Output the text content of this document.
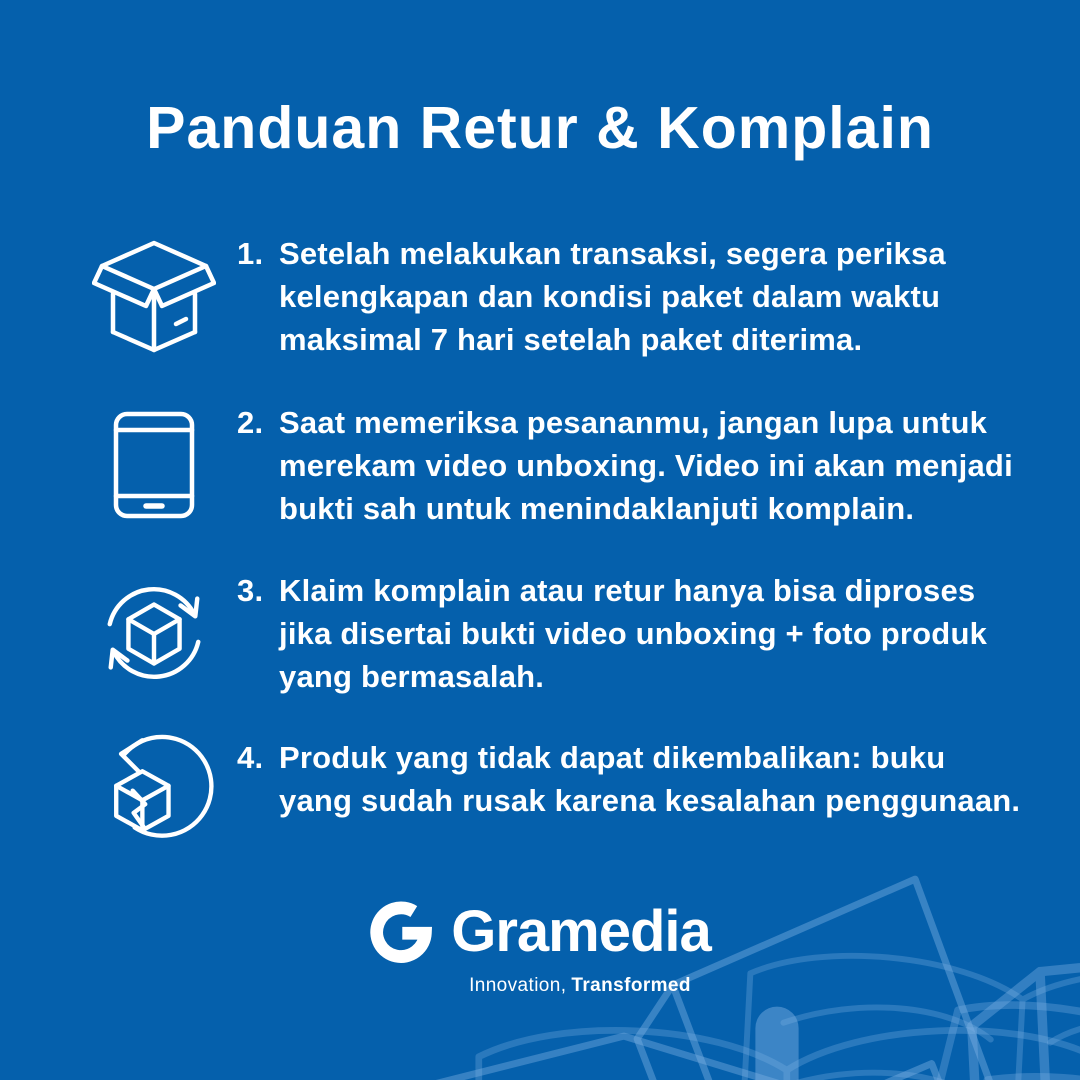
Panduan Retur & Komplain
1. Setelah melakukan transaksi, segera periksa
kelengkapan dan kondisi paket dalam waktu
maksimal 7 hari setelah paket diterima.
2. Saat memeriksa pesananmu, jangan lupa untuk
merekam video unboxing. Video ini akan menjadi
bukti sah untuk menindaklanjuti komplain.
3. Klaim komplain atau retur hanya bisa diproses
jika disertai bukti video unboxing + foto produk
yang bermasalah.
4. Produk yang tidak dapat dikembalikan: buku
yang sudah rusak karena kesalahan penggunaan.
Gramedia
Innovation, Transformed
